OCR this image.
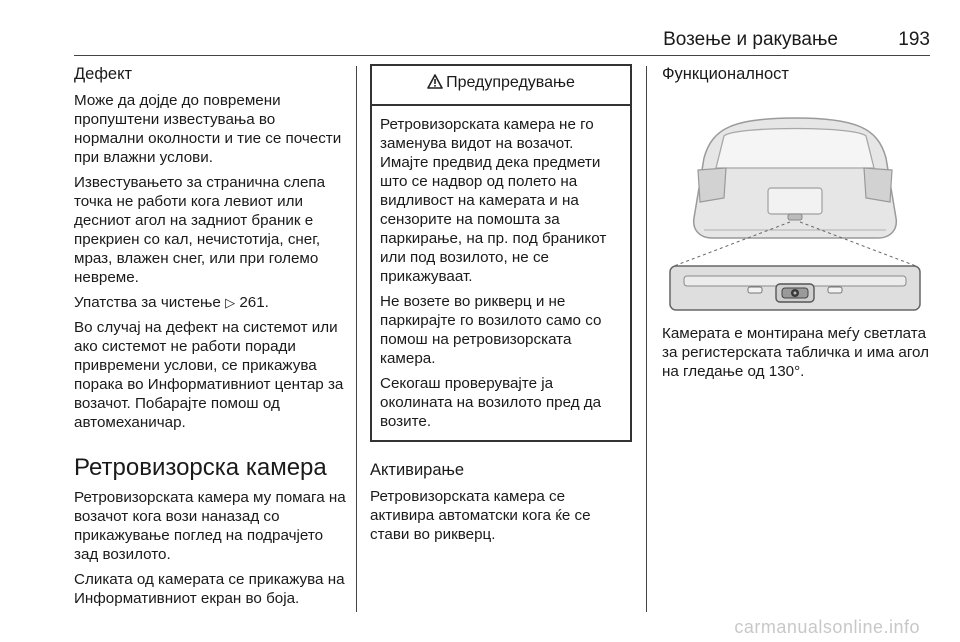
Возење и ракување	193
Дефект

Може да дојде до повремени пропуштени известувања во нормални околности и тие се почести при влажни услови.

Известувањето за странична слепа точка не работи кога левиот или десниот агол на задниот браник е прекриен со кал, нечистотија, снег, мраз, влажен снег, или при големо невреме.

Упатства за чистење ▷ 261.

Во случај на дефект на системот или ако системот не работи поради привремени услови, се прикажува порака во Информативниот центар за возачот. Побарајте помош од автомеханичар.

Ретровизорска камера

Ретровизорската камера му помага на возачот кога вози наназад со прикажување поглед на подрачјето зад возилото.

Сликата од камерата се прикажува на Информативниот екран во боја.

Предупредување

Ретровизорската камера не го заменува видот на возачот. Имајте предвид дека предмети што се надвор од полето на видливост на камерата и на сензорите на помошта за паркирање, на пр. под браникот или под возилото, не се прикажуваат.

Не возете во рикверц и не паркирајте го возилото само со помош на ретровизорската камера.

Секогаш проверувајте ја околината на возилото пред да возите.

Активирање

Ретровизорската камера се активира автоматски кога ќе се стави во рикверц.

Функционалност

Камерата е монтирана меѓу светлата за регистерската табличка и има агол на гледање од 130°.

carmanualsonline.info
